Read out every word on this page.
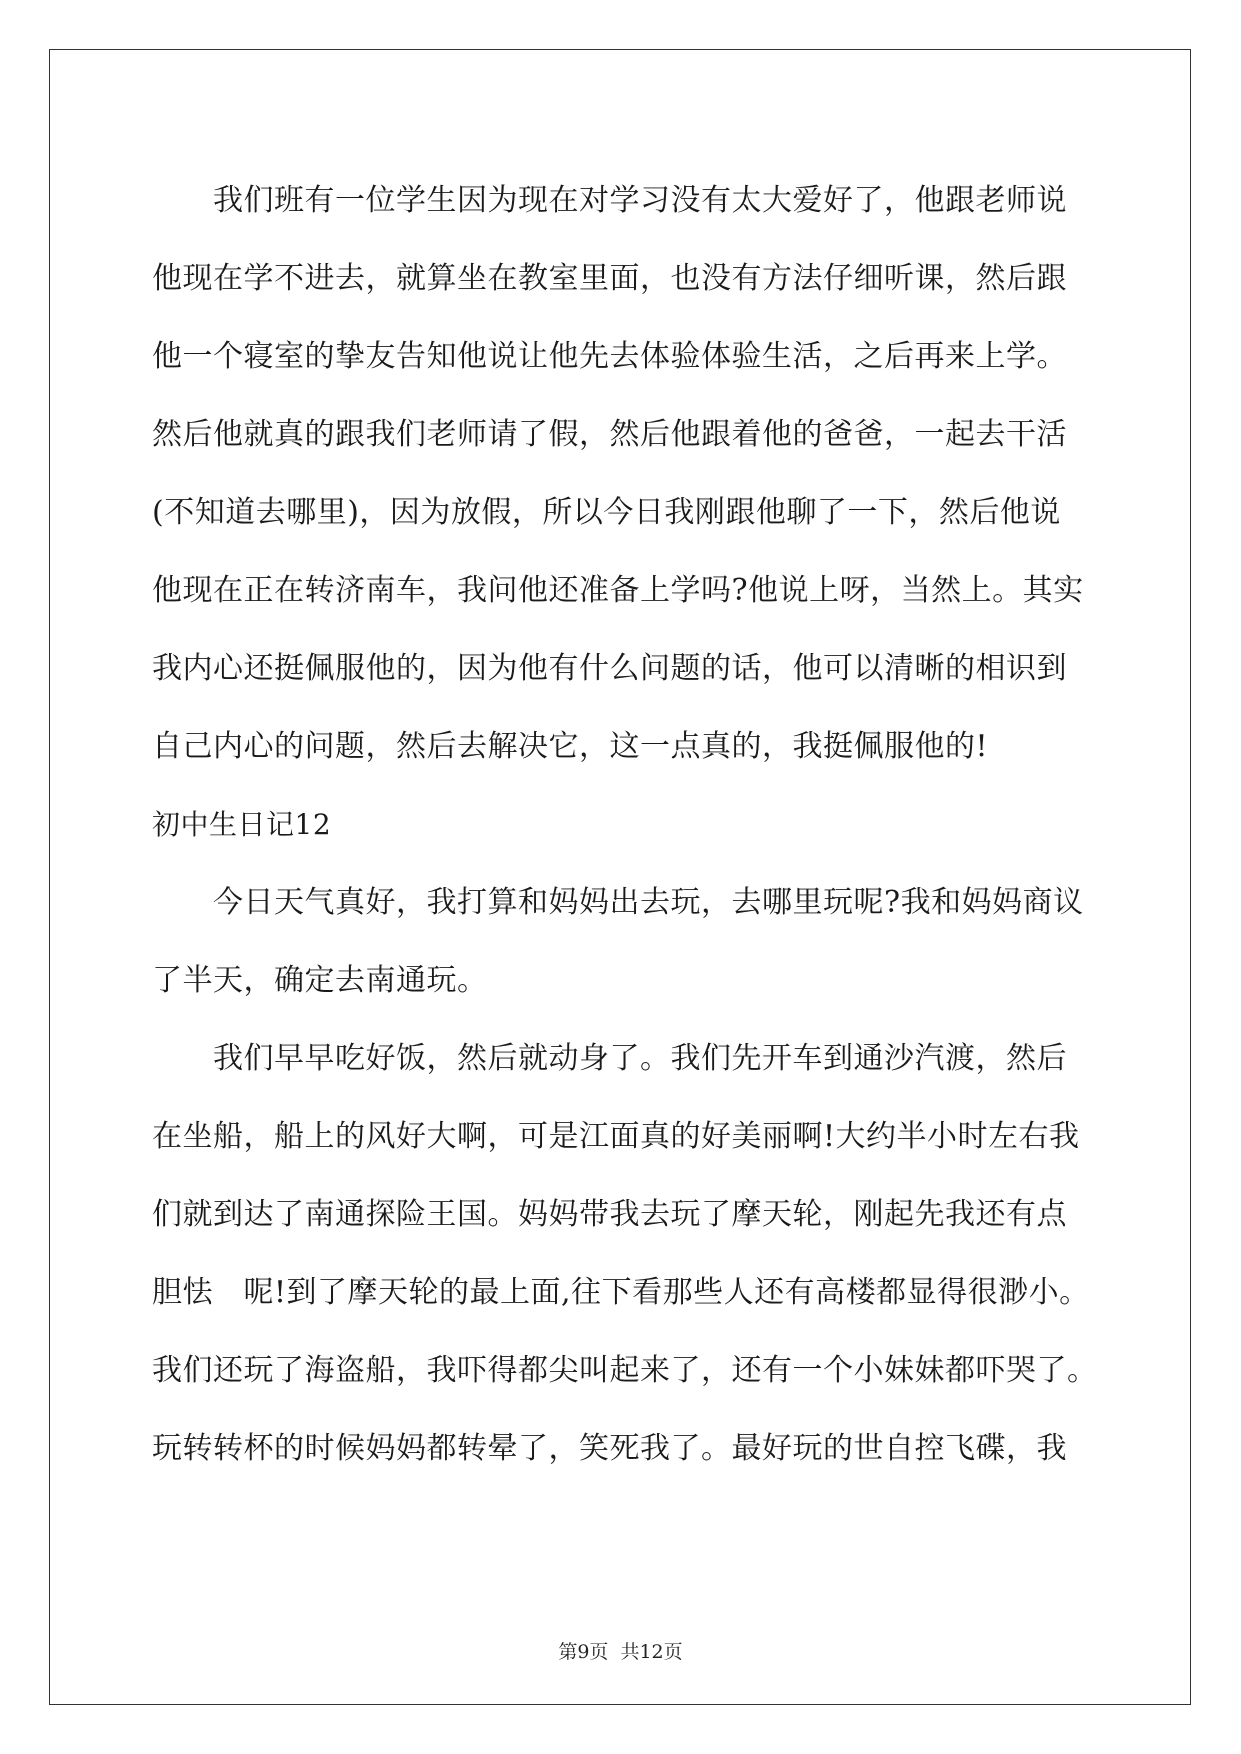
我们班有一位学生因为现在对学习没有太大爱好了，他跟老师说
他现在学不进去，就算坐在教室里面，也没有方法仔细听课，然后跟
他一个寝室的挚友告知他说让他先去体验体验生活，之后再来上学。
然后他就真的跟我们老师请了假，然后他跟着他的爸爸，一起去干活
(不知道去哪里)，因为放假，所以今日我刚跟他聊了一下，然后他说
他现在正在转济南车，我问他还准备上学吗?他说上呀，当然上。其实
我内心还挺佩服他的，因为他有什么问题的话，他可以清晰的相识到
自己内心的问题，然后去解决它，这一点真的，我挺佩服他的!
初中生日记12
今日天气真好，我打算和妈妈出去玩，去哪里玩呢?我和妈妈商议
了半天，确定去南通玩。
我们早早吃好饭，然后就动身了。我们先开车到通沙汽渡，然后
在坐船，船上的风好大啊，可是江面真的好美丽啊!大约半小时左右我
们就到达了南通探险王国。妈妈带我去玩了摩天轮，刚起先我还有点
胆怯　呢!到了摩天轮的最上面,往下看那些人还有高楼都显得很渺小。
我们还玩了海盗船，我吓得都尖叫起来了，还有一个小妹妹都吓哭了。
玩转转杯的时候妈妈都转晕了，笑死我了。最好玩的世自控飞碟，我
第9页 共12页
